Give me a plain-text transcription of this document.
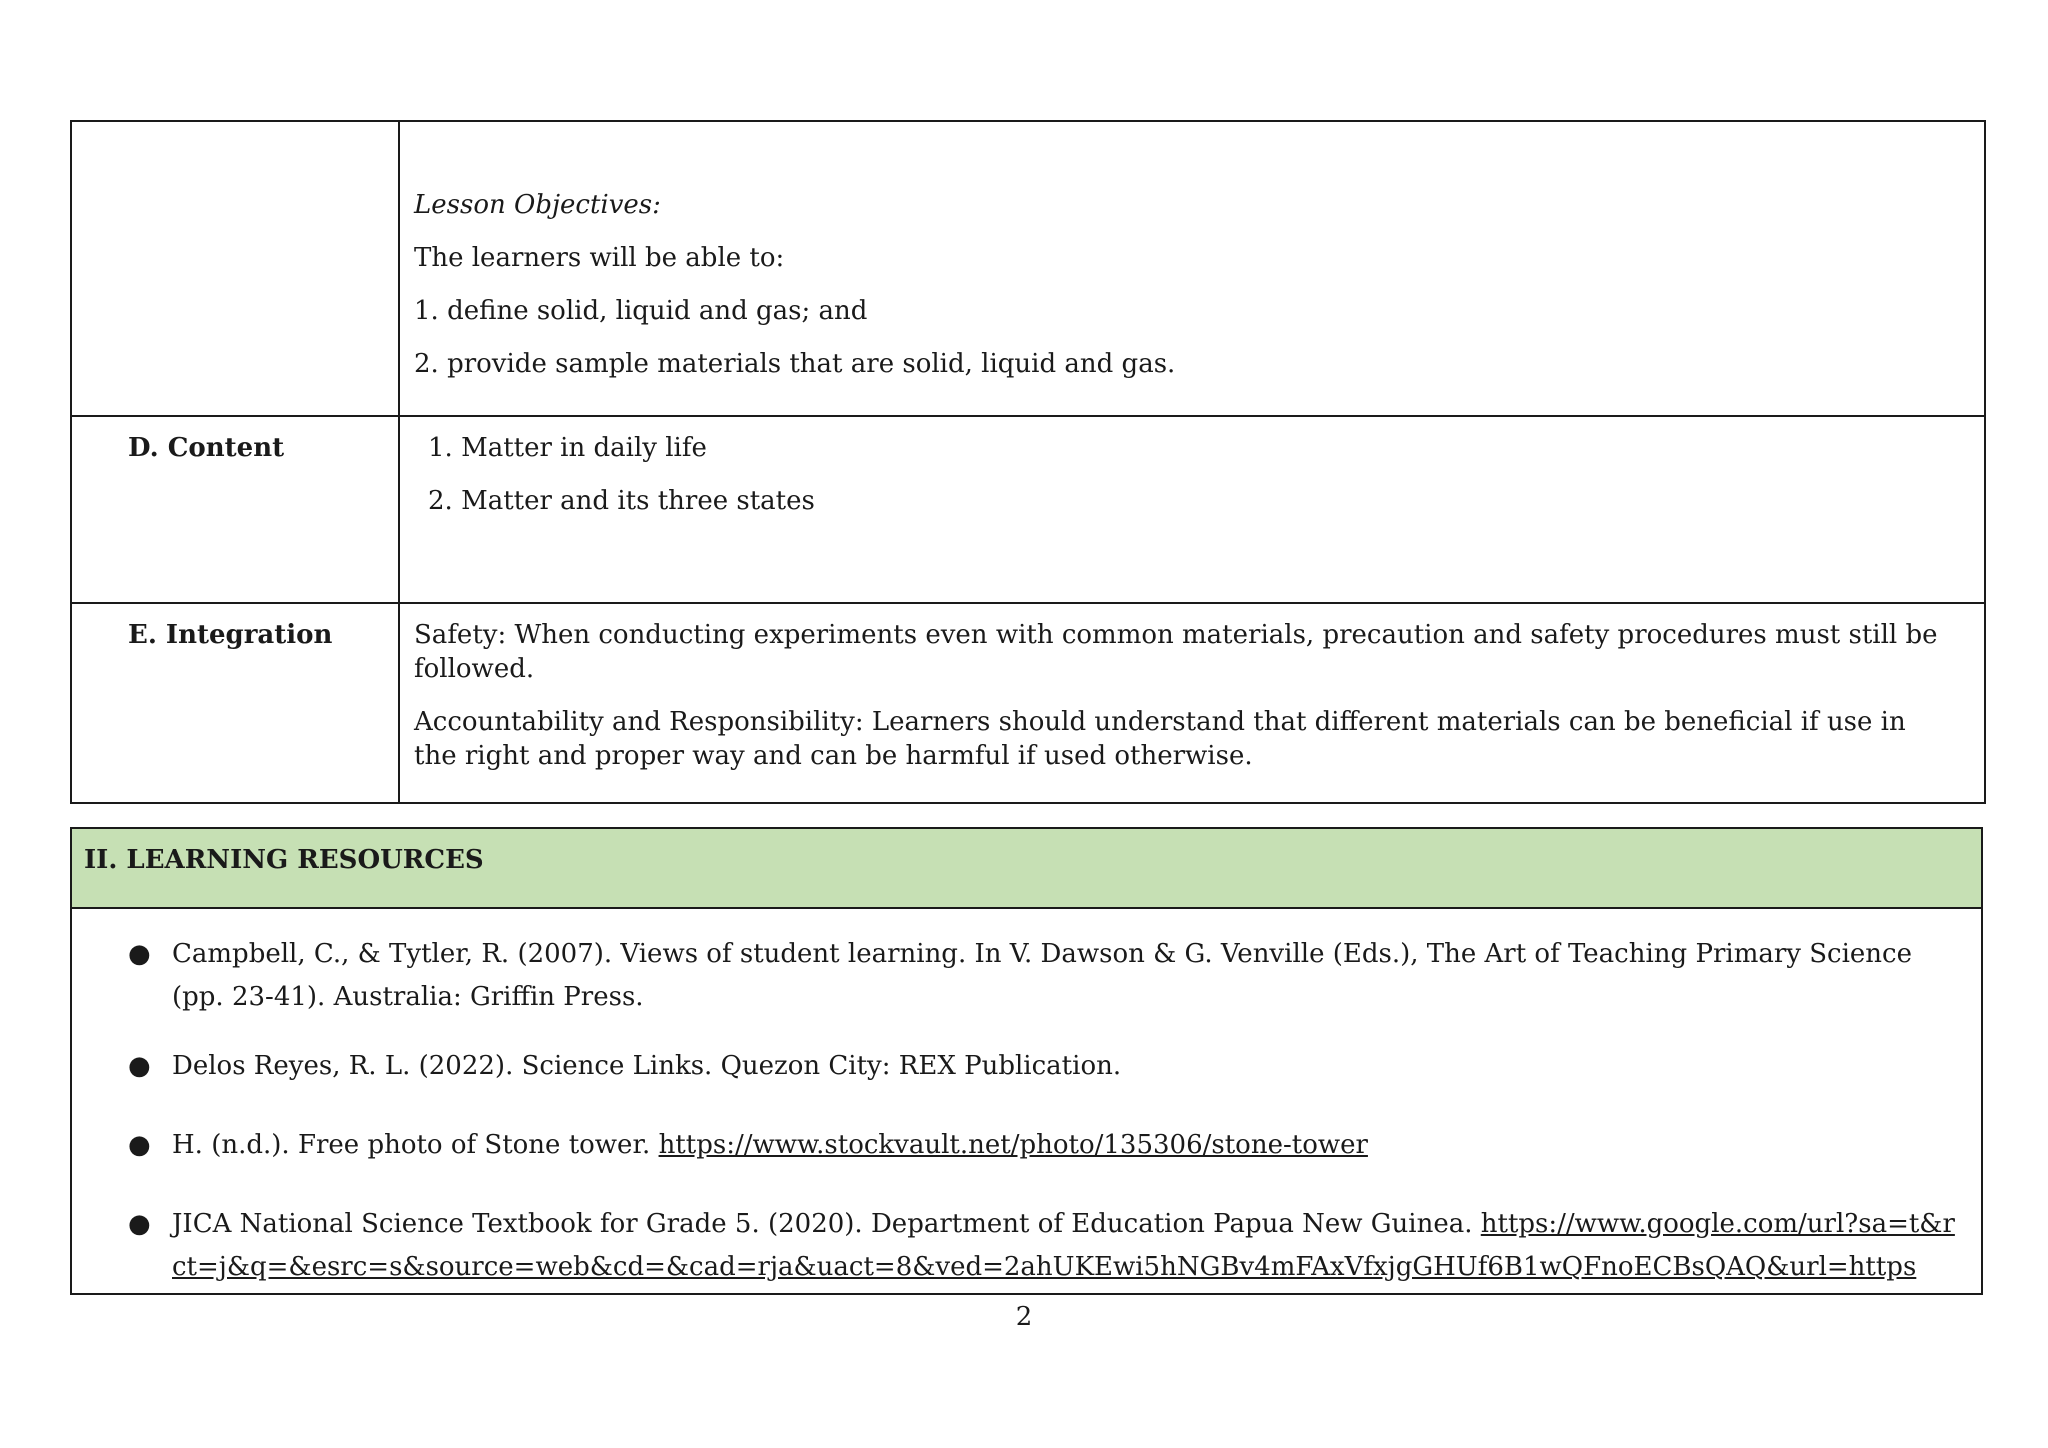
Lesson Objectives:

The learners will be able to:

1. define solid, liquid and gas; and

2. provide sample materials that are solid, liquid and gas.

D. Content	1. Matter in daily life
2. Matter and its three states
E. Integration	Safety: When conducting experiments even with common materials, precaution and safety procedures must still be followed.

Accountability and Responsibility: Learners should understand that different materials can be beneficial if use in the right and proper way and can be harmful if used otherwise.

II. LEARNING RESOURCES
● Campbell, C., & Tytler, R. (2007). Views of student learning. In V. Dawson & G. Venville (Eds.), The Art of Teaching Primary Science (pp. 23-41). Australia: Griffin Press.
● Delos Reyes, R. L. (2022). Science Links. Quezon City: REX Publication.
● H. (n.d.). Free photo of Stone tower. https://www.stockvault.net/photo/135306/stone-tower
● JICA National Science Textbook for Grade 5. (2020). Department of Education Papua New Guinea. https://www.google.com/url?sa=t&rct=j&q=&esrc=s&source=web&cd=&cad=rja&uact=8&ved=2ahUKEwi5hNGBv4mFAxVfxjgGHUf6B1wQFnoECBsQAQ&url=https
2
